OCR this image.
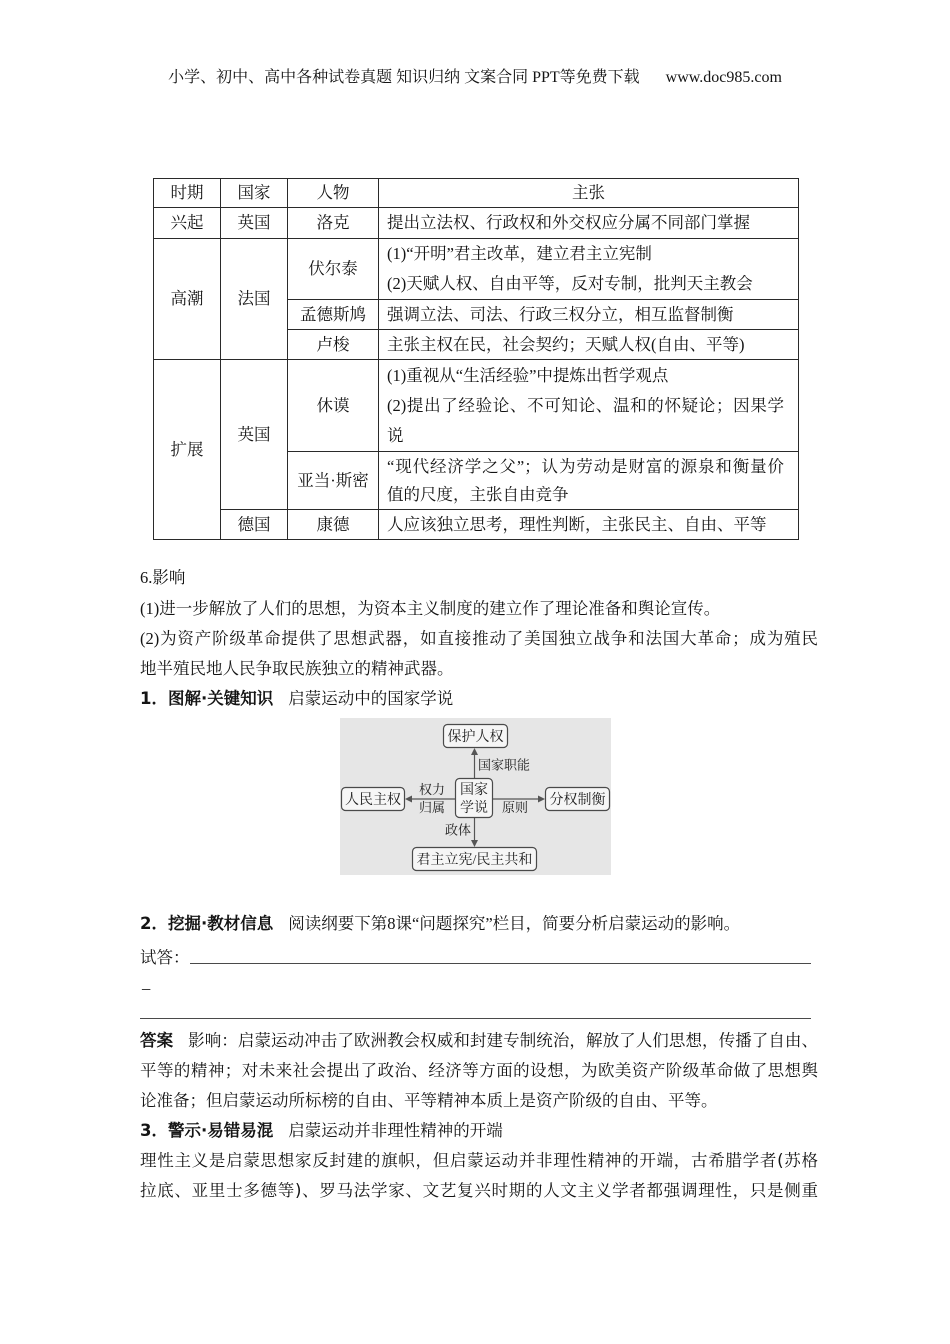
小学、初中、高中各种试卷真题 知识归纳 文案合同 PPT等免费下载 www.doc985.com
时期	国家	人物	主张
兴起	英国	洛克	提出立法权、行政权和外交权应分属不同部门掌握

高潮	法国	伏尔泰	(1)“开明”君主改革，建立君主立宪制
(2)天赋人权、自由平等，反对专制，批判天主教会

		孟德斯鸠	强调立法、司法、行政三权分立，相互监督制衡

		卢梭	主张主权在民，社会契约；天赋人权(自由、平等)

扩展	英国	休谟	(1)重视从“生活经验”中提炼出哲学观点
(2)提出了经验论、不可知论、温和的怀疑论；因果学
说

		亚当·斯密	“现代经济学之父”；认为劳动是财富的源泉和衡量价
值的尺度，主张自由竞争

	德国	康德	人应该独立思考，理性判断，主张民主、自由、平等
6.影响
(1)进一步解放了人们的思想，为资本主义制度的建立作了理论准备和舆论宣传。
(2)为资产阶级革命提供了思想武器，如直接推动了美国独立战争和法国大革命；成为殖民
地半殖民地人民争取民族独立的精神武器。
1．图解·关键知识 启蒙运动中的国家学说
保护人权
国家职能
国家
学说
权力
归属
人民主权	原则 分权制衡
政体
君主立宪/民主共和
2．挖掘·教材信息 阅读纲要下第8课“问题探究”栏目，简要分析启蒙运动的影响。
试答：
_
答案 影响：启蒙运动冲击了欧洲教会权威和封建专制统治，解放了人们思想，传播了自由、
平等的精神；对未来社会提出了政治、经济等方面的设想，为欧美资产阶级革命做了思想舆
论准备；但启蒙运动所标榜的自由、平等精神本质上是资产阶级的自由、平等。
3．警示·易错易混 启蒙运动并非理性精神的开端
理性主义是启蒙思想家反封建的旗帜，但启蒙运动并非理性精神的开端，古希腊学者(苏格
拉底、亚里士多德等)、罗马法学家、文艺复兴时期的人文主义学者都强调理性，只是侧重
